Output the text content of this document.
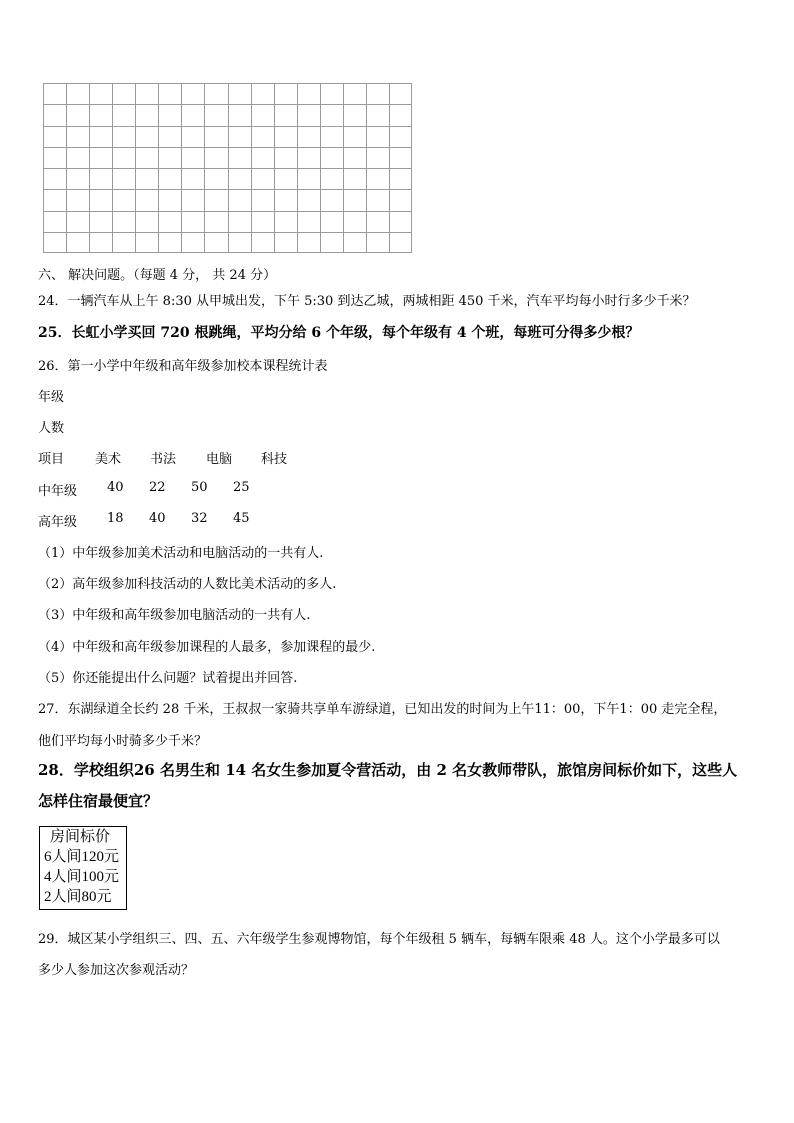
六、 解决问题。（每题 4 分， 共 24 分）
24．一辆汽车从上午 8:30 从甲城出发，下午 5:30 到达乙城，两城相距 450 千米，汽车平均每小时行多少千米？
25．长虹小学买回 720 根跳绳，平均分给 6 个年级，每个年级有 4 个班，每班可分得多少根？
26．第一小学中年级和高年级参加校本课程统计表
年级
人数
项目 美术 书法 电脑 科技
中年级 40 22 50 25
高年级 18 40 32 45
（1）中年级参加美术活动和电脑活动的一共有人.
（2）高年级参加科技活动的人数比美术活动的多人.
（3）中年级和高年级参加电脑活动的一共有人.
（4）中年级和高年级参加课程的人最多，参加课程的最少.
（5）你还能提出什么问题？试着提出并回答.
27．东湖绿道全长约 28 千米，王叔叔一家骑共享单车游绿道，已知出发的时间为上午11：00，下午1：00 走完全程，
他们平均每小时骑多少千米？
28．学校组织26 名男生和 14 名女生参加夏令营活动，由 2 名女教师带队，旅馆房间标价如下，这些人
怎样住宿最便宜？
房间标价
6人间120元
4人间100元
2人间80元
29．城区某小学组织三、四、五、六年级学生参观博物馆，每个年级租 5 辆车，每辆车限乘 48 人。这个小学最多可以
多少人参加这次参观活动？
